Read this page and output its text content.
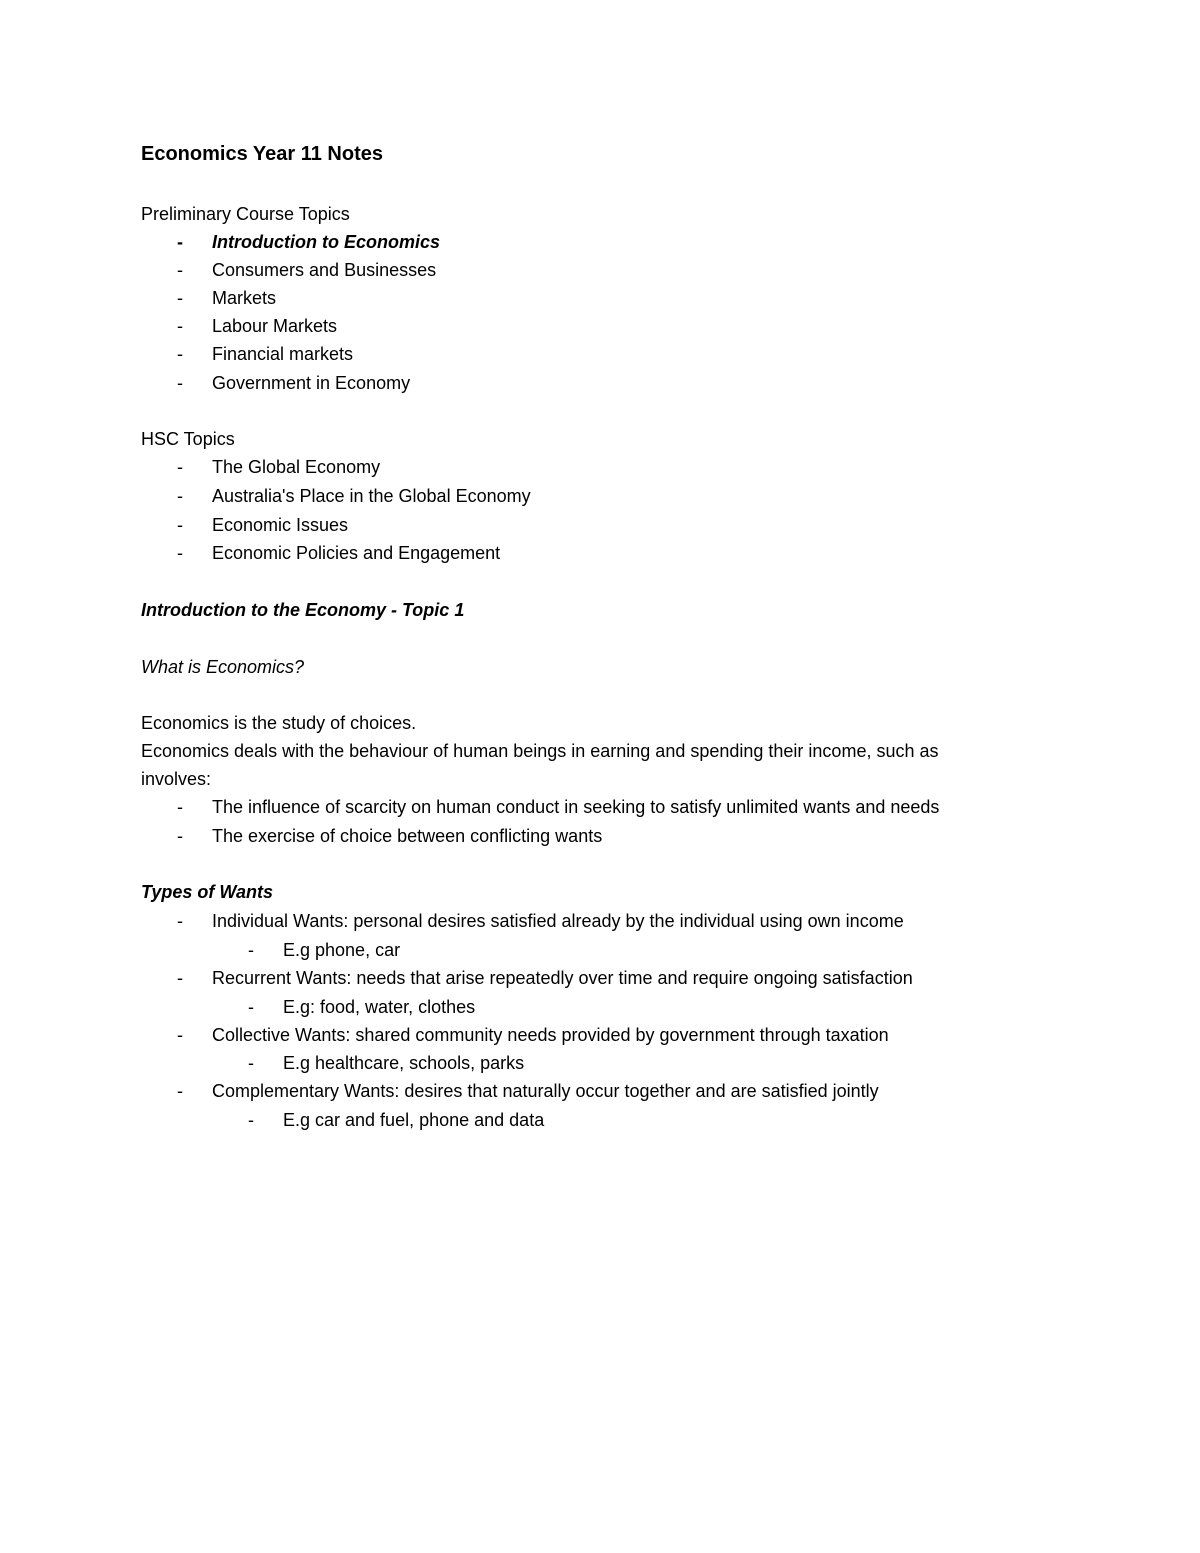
Economics Year 11 Notes
Preliminary Course Topics
- Introduction to Economics
- Consumers and Businesses
- Markets
- Labour Markets
- Financial markets
- Government in Economy
HSC Topics
- The Global Economy
- Australia's Place in the Global Economy
- Economic Issues
- Economic Policies and Engagement
Introduction to the Economy - Topic 1
What is Economics?
Economics is the study of choices.
Economics deals with the behaviour of human beings in earning and spending their income, such as
involves:
- The influence of scarcity on human conduct in seeking to satisfy unlimited wants and needs
- The exercise of choice between conflicting wants
Types of Wants
- Individual Wants: personal desires satisfied already by the individual using own income
- E.g phone, car
- Recurrent Wants: needs that arise repeatedly over time and require ongoing satisfaction
- E.g: food, water, clothes
- Collective Wants: shared community needs provided by government through taxation
- E.g healthcare, schools, parks
- Complementary Wants: desires that naturally occur together and are satisfied jointly
- E.g car and fuel, phone and data
